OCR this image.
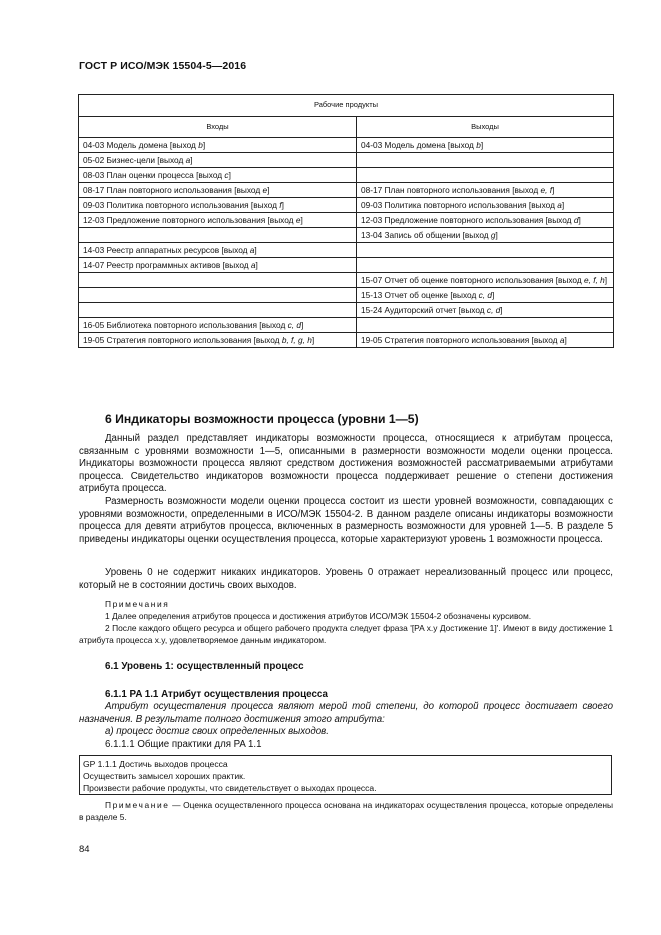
ГОСТ Р ИСО/МЭК 15504-5—2016
Рабочие продукты	
Входы	Выходы
04-03 Модель домена [выход b]	04-03 Модель домена [выход b]
05-02 Бизнес-цели [выход a]	
08-03 План оценки процесса [выход c]	
08-17 План повторного использования [выход e]	08-17 План повторного использования [выход e, f]
09-03 Политика повторного использования [выход f]	09-03 Политика повторного использования [выход a]
12-03 Предложение повторного использования [выход e]	12-03 Предложение повторного использования [выход d]
	13-04 Запись об общении [выход g]
14-03 Реестр аппаратных ресурсов [выход a]	
14-07 Реестр программных активов [выход a]	
	15-07 Отчет об оценке повторного использования [выход e, f, h]
	15-13 Отчет об оценке [выход c, d]
	15-24 Аудиторский отчет [выход c, d]
16-05 Библиотека повторного использования [выход c, d]	
19-05 Стратегия повторного использования [выход b, f, g, h]	19-05 Стратегия повторного использования [выход a]
6 Индикаторы возможности процесса (уровни 1—5)

Данный раздел представляет индикаторы возможности процесса, относящиеся к атрибутам процесса, связанным с уровнями возможности 1—5, описанными в размерности возможности модели оценки процесса. Индикаторы возможности процесса являют средством достижения возможностей рассматриваемыми атрибутами процесса. Свидетельство индикаторов возможности процесса поддерживает решение о степени достижения атрибута процесса.

Размерность возможности модели оценки процесса состоит из шести уровней возможности, совпадающих с уровнями возможности, определенными в ИСО/МЭК 15504-2. В данном разделе описаны индикаторы возможности процесса для девяти атрибутов процесса, включенных в размерность возможности для уровней 1—5. В разделе 5 приведены индикаторы оценки осуществления процесса, которые характеризуют уровень 1 возможности процесса.

Уровень 0 не содержит никаких индикаторов. Уровень 0 отражает нереализованный процесс или процесс, который не в состоянии достичь своих выходов.

Примечания

1 Далее определения атрибутов процесса и достижения атрибутов ИСО/МЭК 15504-2 обозначены курсивом.

2 После каждого общего ресурса и общего рабочего продукта следует фраза '[PA x.y Достижение 1]'. Имеют в виду достижение 1 атрибута процесса x.y, удовлетворяемое данным индикатором.

6.1 Уровень 1: осуществленный процесс
6.1.1 PA 1.1 Атрибут осуществления процесса

Атрибут осуществления процесса являют мерой той степени, до которой процесс достигает своего назначения. В результате полного достижения этого атрибута:

а) процесс достиг своих определенных выходов.

6.1.1.1 Общие практики для PA 1.1

GP 1.1.1 Достичь выходов процесса
Осуществить замысел хороших практик.
Произвести рабочие продукты, что свидетельствует о выходах процесса.

Примечание — Оценка осуществленного процесса основана на индикаторах осуществления процесса, которые определены в разделе 5.

84
